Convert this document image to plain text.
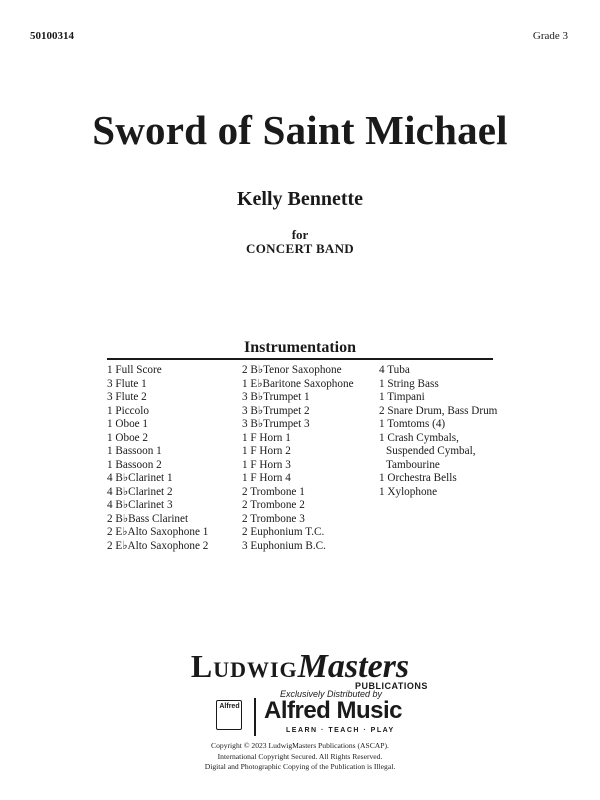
50100314	Grade 3
Sword of Saint Michael
Kelly Bennette
for
CONCERT BAND
Instrumentation
1 Full Score
3 Flute 1
3 Flute 2
1 Piccolo
1 Oboe 1
1 Oboe 2
1 Bassoon 1
1 Bassoon 2
4 B♭Clarinet 1
4 B♭Clarinet 2
4 B♭Clarinet 3
2 B♭Bass Clarinet
2 E♭Alto Saxophone 1
2 E♭Alto Saxophone 2
2 B♭Tenor Saxophone
1 E♭Baritone Saxophone
3 B♭Trumpet 1
3 B♭Trumpet 2
3 B♭Trumpet 3
1 F Horn 1
1 F Horn 2
1 F Horn 3
1 F Horn 4
2 Trombone 1
2 Trombone 2
2 Trombone 3
2 Euphonium T.C.
3 Euphonium B.C.
4 Tuba
1 String Bass
1 Timpani
2 Snare Drum, Bass Drum
1 Tomtoms (4)
1 Crash Cymbals,
Suspended Cymbal,
Tambourine
1 Orchestra Bells
1 Xylophone
LUDWIGMasters
PUBLICATIONS
Exclusively Distributed by
Alfred Alfred Music
LEARN · TEACH · PLAY
Copyright © 2023 LudwigMasters Publications (ASCAP).
International Copyright Secured. All Rights Reserved.
Digital and Photographic Copying of the Publication is Illegal.
